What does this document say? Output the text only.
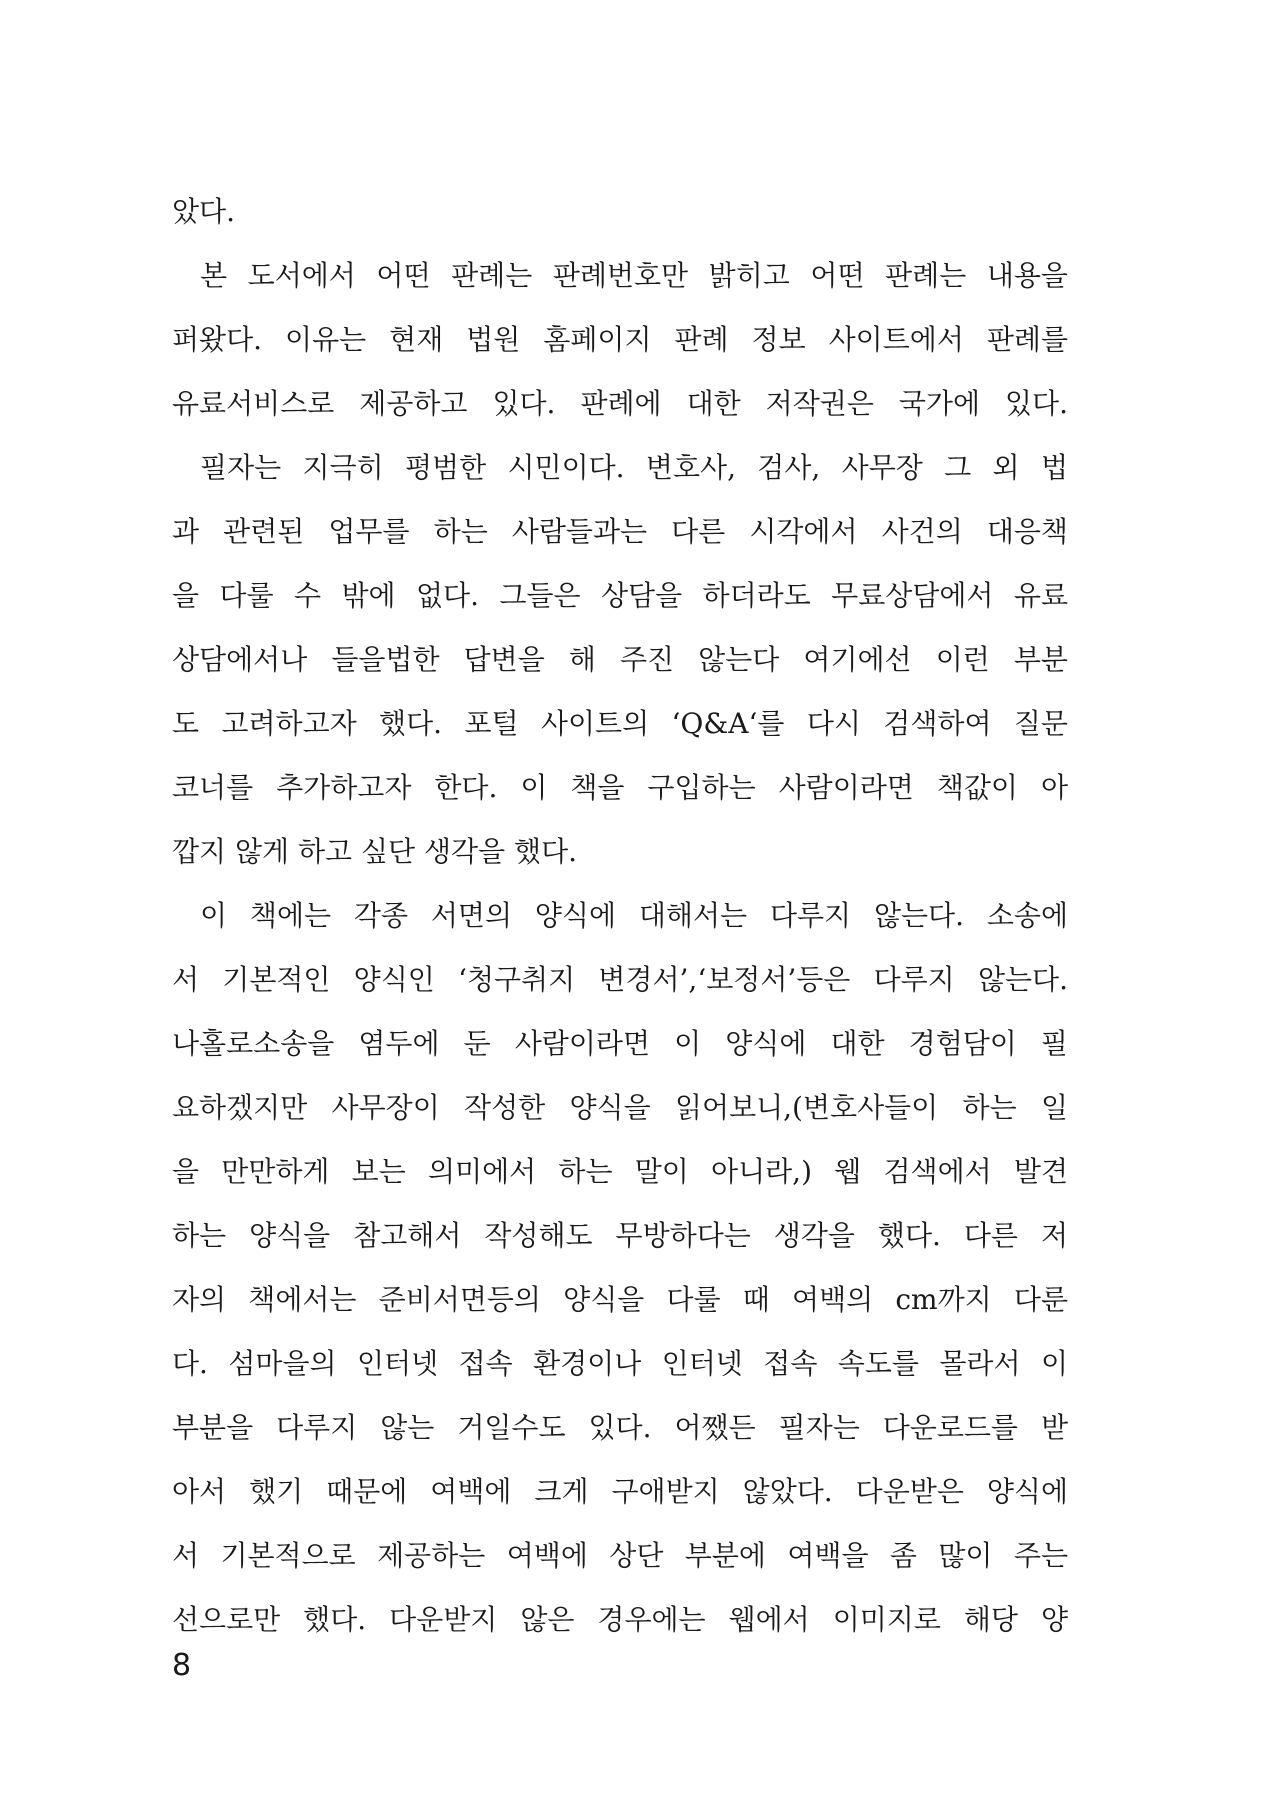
았다.
본 도서에서 어떤 판례는 판례번호만 밝히고 어떤 판례는 내용을
퍼왔다. 이유는 현재 법원 홈페이지 판례 정보 사이트에서 판례를
유료서비스로 제공하고 있다. 판례에 대한 저작권은 국가에 있다.
필자는 지극히 평범한 시민이다. 변호사, 검사, 사무장 그 외 법
과 관련된 업무를 하는 사람들과는 다른 시각에서 사건의 대응책
을 다룰 수 밖에 없다. 그들은 상담을 하더라도 무료상담에서 유료
상담에서나 들을법한 답변을 해 주진 않는다 여기에선 이런 부분
도 고려하고자 했다. 포털 사이트의 ‘Q&A‘를 다시 검색하여 질문
코너를 추가하고자 한다. 이 책을 구입하는 사람이라면 책값이 아
깝지 않게 하고 싶단 생각을 했다.
이 책에는 각종 서면의 양식에 대해서는 다루지 않는다. 소송에
서 기본적인 양식인 ‘청구취지 변경서’,‘보정서’등은 다루지 않는다.
나홀로소송을 염두에 둔 사람이라면 이 양식에 대한 경험담이 필
요하겠지만 사무장이 작성한 양식을 읽어보니,(변호사들이 하는 일
을 만만하게 보는 의미에서 하는 말이 아니라,) 웹 검색에서 발견
하는 양식을 참고해서 작성해도 무방하다는 생각을 했다. 다른 저
자의 책에서는 준비서면등의 양식을 다룰 때 여백의 cm까지 다룬
다. 섬마을의 인터넷 접속 환경이나 인터넷 접속 속도를 몰라서 이
부분을 다루지 않는 거일수도 있다. 어쨌든 필자는 다운로드를 받
아서 했기 때문에 여백에 크게 구애받지 않았다. 다운받은 양식에
서 기본적으로 제공하는 여백에 상단 부분에 여백을 좀 많이 주는
선으로만 했다. 다운받지 않은 경우에는 웹에서 이미지로 해당 양
8
